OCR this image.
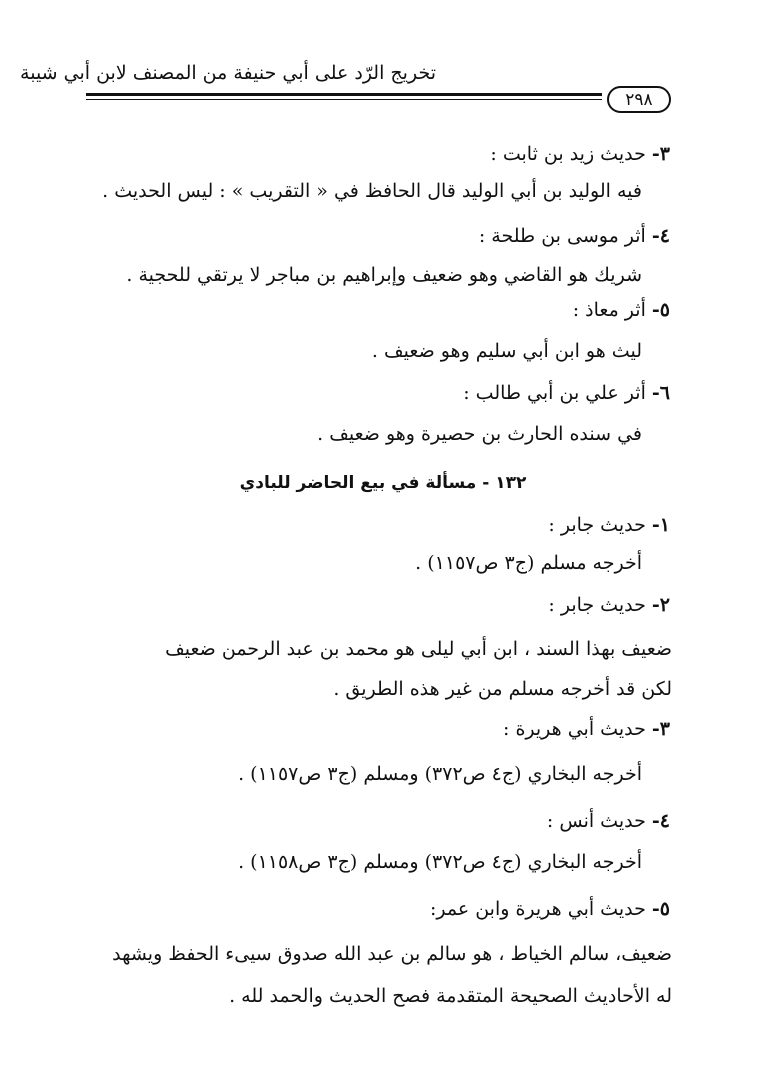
تخريج الرّد على أبي حنيفة من المصنف لابن أبي شيبة
٢٩٨
٣- حديث زيد بن ثابت :
فيه الوليد بن أبي الوليد قال الحافظ في « التقريب » : ليس الحديث .
٤- أثر موسى بن طلحة :
شريك هو القاضي وهو ضعيف وإبراهيم بن مباجر لا يرتقي للحجية .
٥- أثر معاذ :
ليث هو ابن أبي سليم وهو ضعيف .
٦- أثر علي بن أبي طالب :
في سنده الحارث بن حصيرة وهو ضعيف .
١٣٢ - مسألة في بيع الحاضر للبادي
١- حديث جابر :
أخرجه مسلم (ج٣ ص١١٥٧) .
٢- حديث جابر :
ضعيف بهذا السند ، ابن أبي ليلى هو محمد بن عبد الرحمن ضعيف
لكن قد أخرجه مسلم من غير هذه الطريق .
٣- حديث أبي هريرة :
أخرجه البخاري (ج٤ ص٣٧٢) ومسلم (ج٣ ص١١٥٧) .
٤- حديث أنس :
أخرجه البخاري (ج٤ ص٣٧٢) ومسلم (ج٣ ص١١٥٨) .
٥- حديث أبي هريرة وابن عمر:
ضعيف، سالم الخياط ، هو سالم بن عبد الله صدوق سيىء الحفظ ويشهد
له الأحاديث الصحيحة المتقدمة فصح الحديث والحمد لله .
